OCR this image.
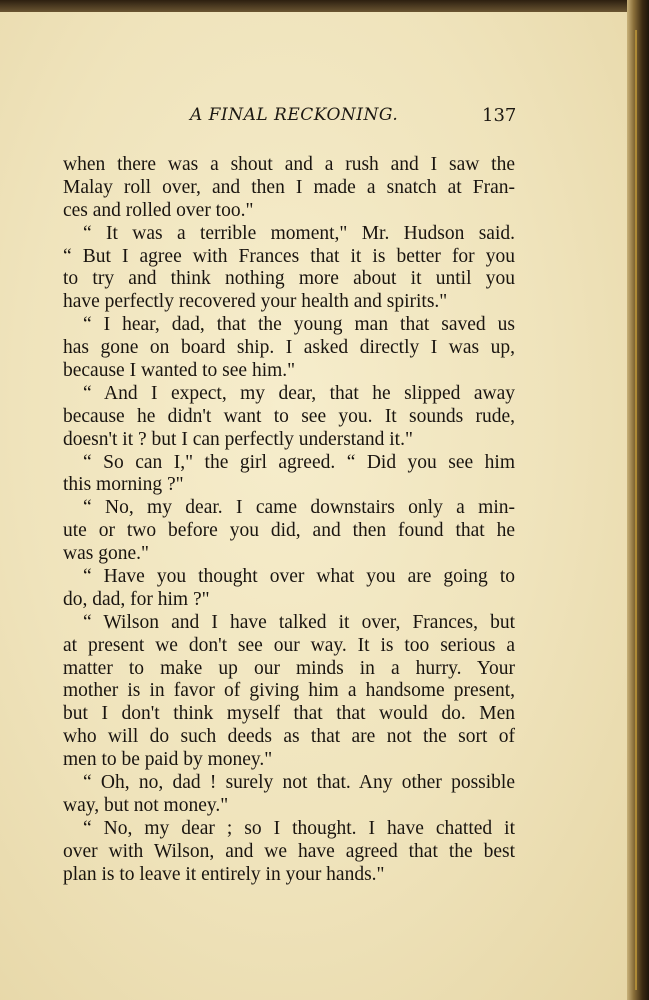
A FINAL RECKONING.	137
when there was a shout and a rush and I saw the
Malay roll over, and then I made a snatch at Fran-
ces and rolled over too."
“ It was a terrible moment," Mr. Hudson said.
“ But I agree with Frances that it is better for you
to try and think nothing more about it until you
have perfectly recovered your health and spirits."
“ I hear, dad, that the young man that saved us
has gone on board ship. I asked directly I was up,
because I wanted to see him."
“ And I expect, my dear, that he slipped away
because he didn't want to see you. It sounds rude,
doesn't it ? but I can perfectly understand it."
“ So can I," the girl agreed. “ Did you see him
this morning ?"
“ No, my dear. I came downstairs only a min-
ute or two before you did, and then found that he
was gone."
“ Have you thought over what you are going to
do, dad, for him ?"
“ Wilson and I have talked it over, Frances, but
at present we don't see our way. It is too serious a
matter to make up our minds in a hurry. Your
mother is in favor of giving him a handsome present,
but I don't think myself that that would do. Men
who will do such deeds as that are not the sort of
men to be paid by money."
“ Oh, no, dad ! surely not that. Any other possible
way, but not money."
“ No, my dear ; so I thought. I have chatted it
over with Wilson, and we have agreed that the best
plan is to leave it entirely in your hands."
